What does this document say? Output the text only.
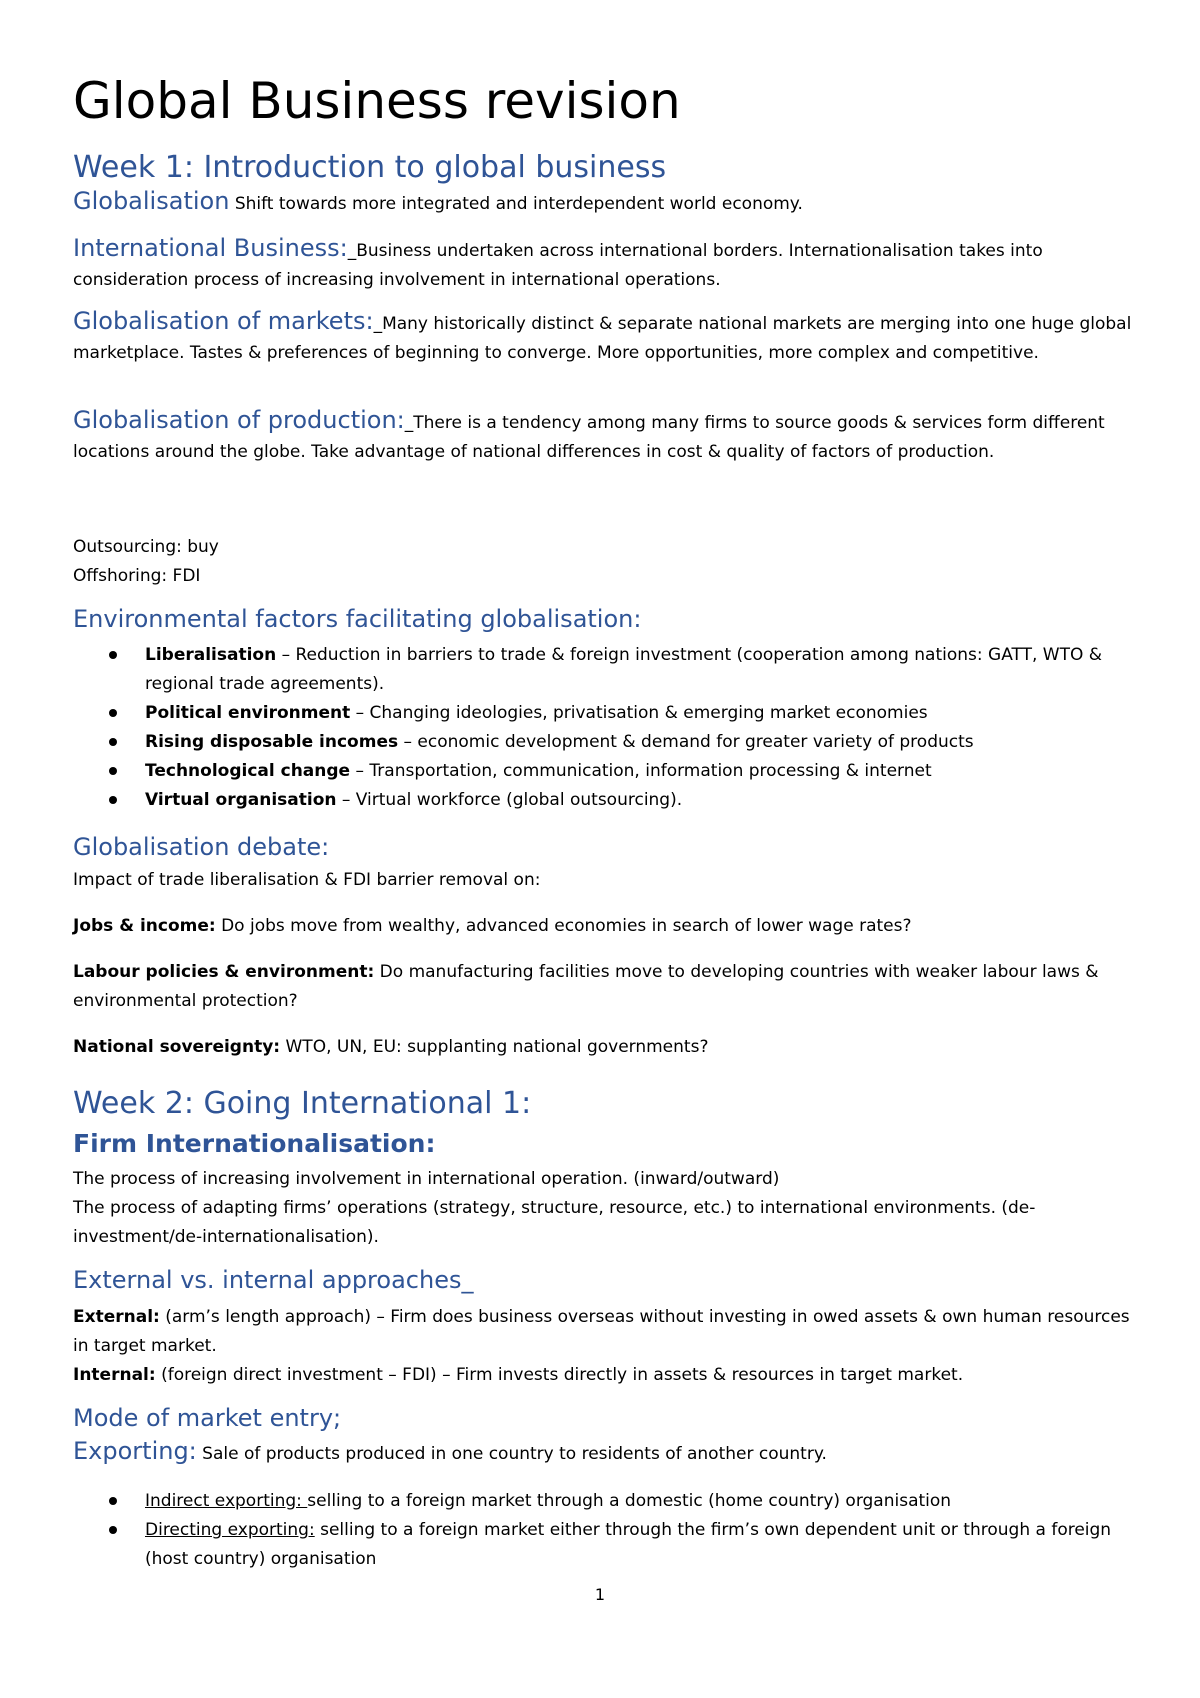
Global Business revision
Week 1: Introduction to global business
Globalisation Shift towards more integrated and interdependent world economy.
International Business:_Business undertaken across international borders. Internationalisation takes into consideration process of increasing involvement in international operations.
Globalisation of markets:_Many historically distinct & separate national markets are merging into one huge global marketplace. Tastes & preferences of beginning to converge. More opportunities, more complex and competitive.
Globalisation of production:_There is a tendency among many firms to source goods & services form different locations around the globe. Take advantage of national differences in cost & quality of factors of production.
Outsourcing: buy
Offshoring: FDI
Environmental factors facilitating globalisation:
Liberalisation – Reduction in barriers to trade & foreign investment (cooperation among nations: GATT, WTO & regional trade agreements).
Political environment – Changing ideologies, privatisation & emerging market economies
Rising disposable incomes – economic development & demand for greater variety of products
Technological change – Transportation, communication, information processing & internet
Virtual organisation – Virtual workforce (global outsourcing).
Globalisation debate:
Impact of trade liberalisation & FDI barrier removal on:
Jobs & income: Do jobs move from wealthy, advanced economies in search of lower wage rates?
Labour policies & environment: Do manufacturing facilities move to developing countries with weaker labour laws & environmental protection?
National sovereignty: WTO, UN, EU: supplanting national governments?
Week 2: Going International 1:
Firm Internationalisation:
The process of increasing involvement in international operation. (inward/outward)
The process of adapting firms’ operations (strategy, structure, resource, etc.) to international environments. (de-investment/de-internationalisation).
External vs. internal approaches_
External: (arm’s length approach) – Firm does business overseas without investing in owed assets & own human resources in target market.
Internal: (foreign direct investment – FDI) – Firm invests directly in assets & resources in target market.
Mode of market entry;
Exporting: Sale of products produced in one country to residents of another country.
Indirect exporting: selling to a foreign market through a domestic (home country) organisation
Directing exporting: selling to a foreign market either through the firm’s own dependent unit or through a foreign (host country) organisation
1
